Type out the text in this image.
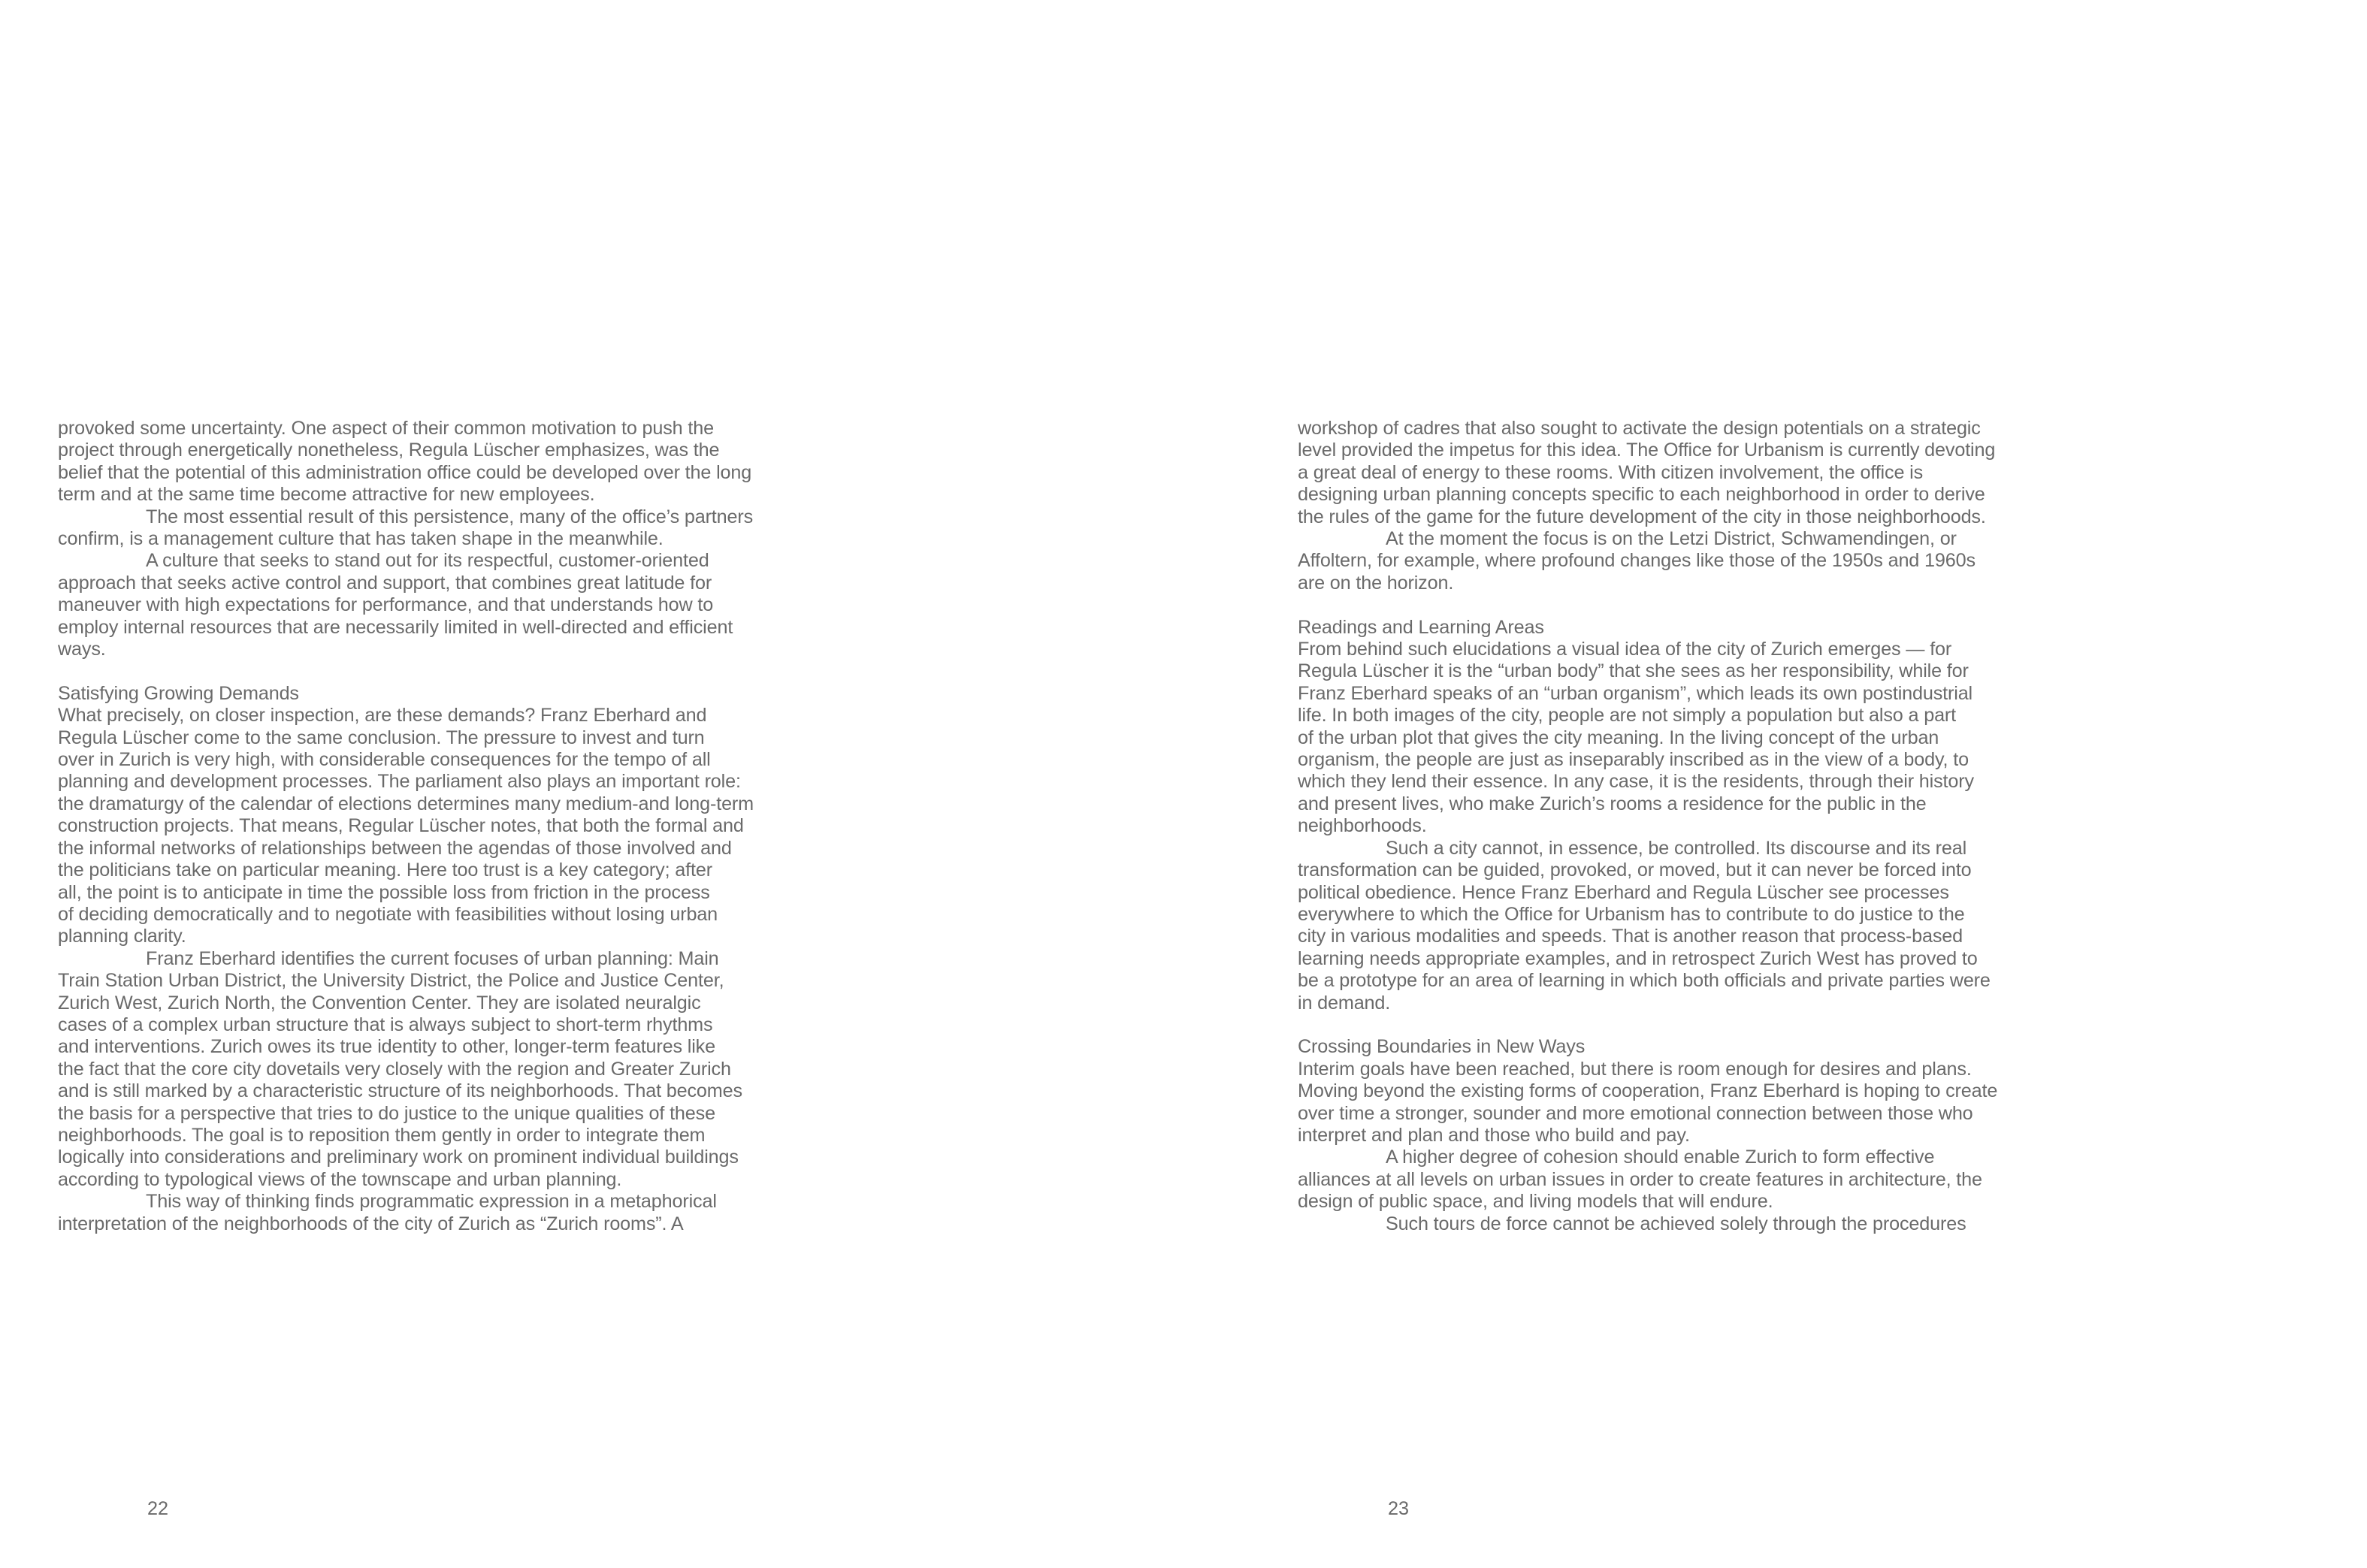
provoked some uncertainty. One aspect of their common motivation to push the

project through energetically nonetheless, Regula Lüscher emphasizes, was the

belief that the potential of this administration office could be developed over the long

term and at the same time become attractive for new employees.

The most essential result of this persistence, many of the office’s partners

confirm, is a management culture that has taken shape in the meanwhile.

A culture that seeks to stand out for its respectful, customer-oriented

approach that seeks active control and support, that combines great latitude for

maneuver with high expectations for performance, and that understands how to

employ internal resources that are necessarily limited in well-directed and efficient

ways.

Satisfying Growing Demands

What precisely, on closer inspection, are these demands? Franz Eberhard and

Regula Lüscher come to the same conclusion. The pressure to invest and turn

over in Zurich is very high, with considerable consequences for the tempo of all

planning and development processes. The parliament also plays an important role:

the dramaturgy of the calendar of elections determines many medium-and long-term

construction projects. That means, Regular Lüscher notes, that both the formal and

the informal networks of relationships between the agendas of those involved and

the politicians take on particular meaning. Here too trust is a key category; after

all, the point is to anticipate in time the possible loss from friction in the process

of deciding democratically and to negotiate with feasibilities without losing urban

planning clarity.

Franz Eberhard identifies the current focuses of urban planning: Main

Train Station Urban District, the University District, the Police and Justice Center,

Zurich West, Zurich North, the Convention Center. They are isolated neuralgic

cases of a complex urban structure that is always subject to short-term rhythms

and interventions. Zurich owes its true identity to other, longer-term features like

the fact that the core city dovetails very closely with the region and Greater Zurich

and is still marked by a characteristic structure of its neighborhoods. That becomes

the basis for a perspective that tries to do justice to the unique qualities of these

neighborhoods. The goal is to reposition them gently in order to integrate them

logically into considerations and preliminary work on prominent individual buildings

according to typological views of the townscape and urban planning.

This way of thinking finds programmatic expression in a metaphorical

interpretation of the neighborhoods of the city of Zurich as “Zurich rooms”. A

22

workshop of cadres that also sought to activate the design potentials on a strategic

level provided the impetus for this idea. The Office for Urbanism is currently devoting

a great deal of energy to these rooms. With citizen involvement, the office is

designing urban planning concepts specific to each neighborhood in order to derive

the rules of the game for the future development of the city in those neighborhoods.

At the moment the focus is on the Letzi District, Schwamendingen, or

Affoltern, for example, where profound changes like those of the 1950s and 1960s

are on the horizon.

Readings and Learning Areas

From behind such elucidations a visual idea of the city of Zurich emerges — for

Regula Lüscher it is the “urban body” that she sees as her responsibility, while for

Franz Eberhard speaks of an “urban organism”, which leads its own postindustrial

life. In both images of the city, people are not simply a population but also a part

of the urban plot that gives the city meaning. In the living concept of the urban

organism, the people are just as inseparably inscribed as in the view of a body, to

which they lend their essence. In any case, it is the residents, through their history

and present lives, who make Zurich’s rooms a residence for the public in the

neighborhoods.

Such a city cannot, in essence, be controlled. Its discourse and its real

transformation can be guided, provoked, or moved, but it can never be forced into

political obedience. Hence Franz Eberhard and Regula Lüscher see processes

everywhere to which the Office for Urbanism has to contribute to do justice to the

city in various modalities and speeds. That is another reason that process-based

learning needs appropriate examples, and in retrospect Zurich West has proved to

be a prototype for an area of learning in which both officials and private parties were

in demand.

Crossing Boundaries in New Ways

Interim goals have been reached, but there is room enough for desires and plans.

Moving beyond the existing forms of cooperation, Franz Eberhard is hoping to create

over time a stronger, sounder and more emotional connection between those who

interpret and plan and those who build and pay.

A higher degree of cohesion should enable Zurich to form effective

alliances at all levels on urban issues in order to create features in architecture, the

design of public space, and living models that will endure.

Such tours de force cannot be achieved solely through the procedures

23
